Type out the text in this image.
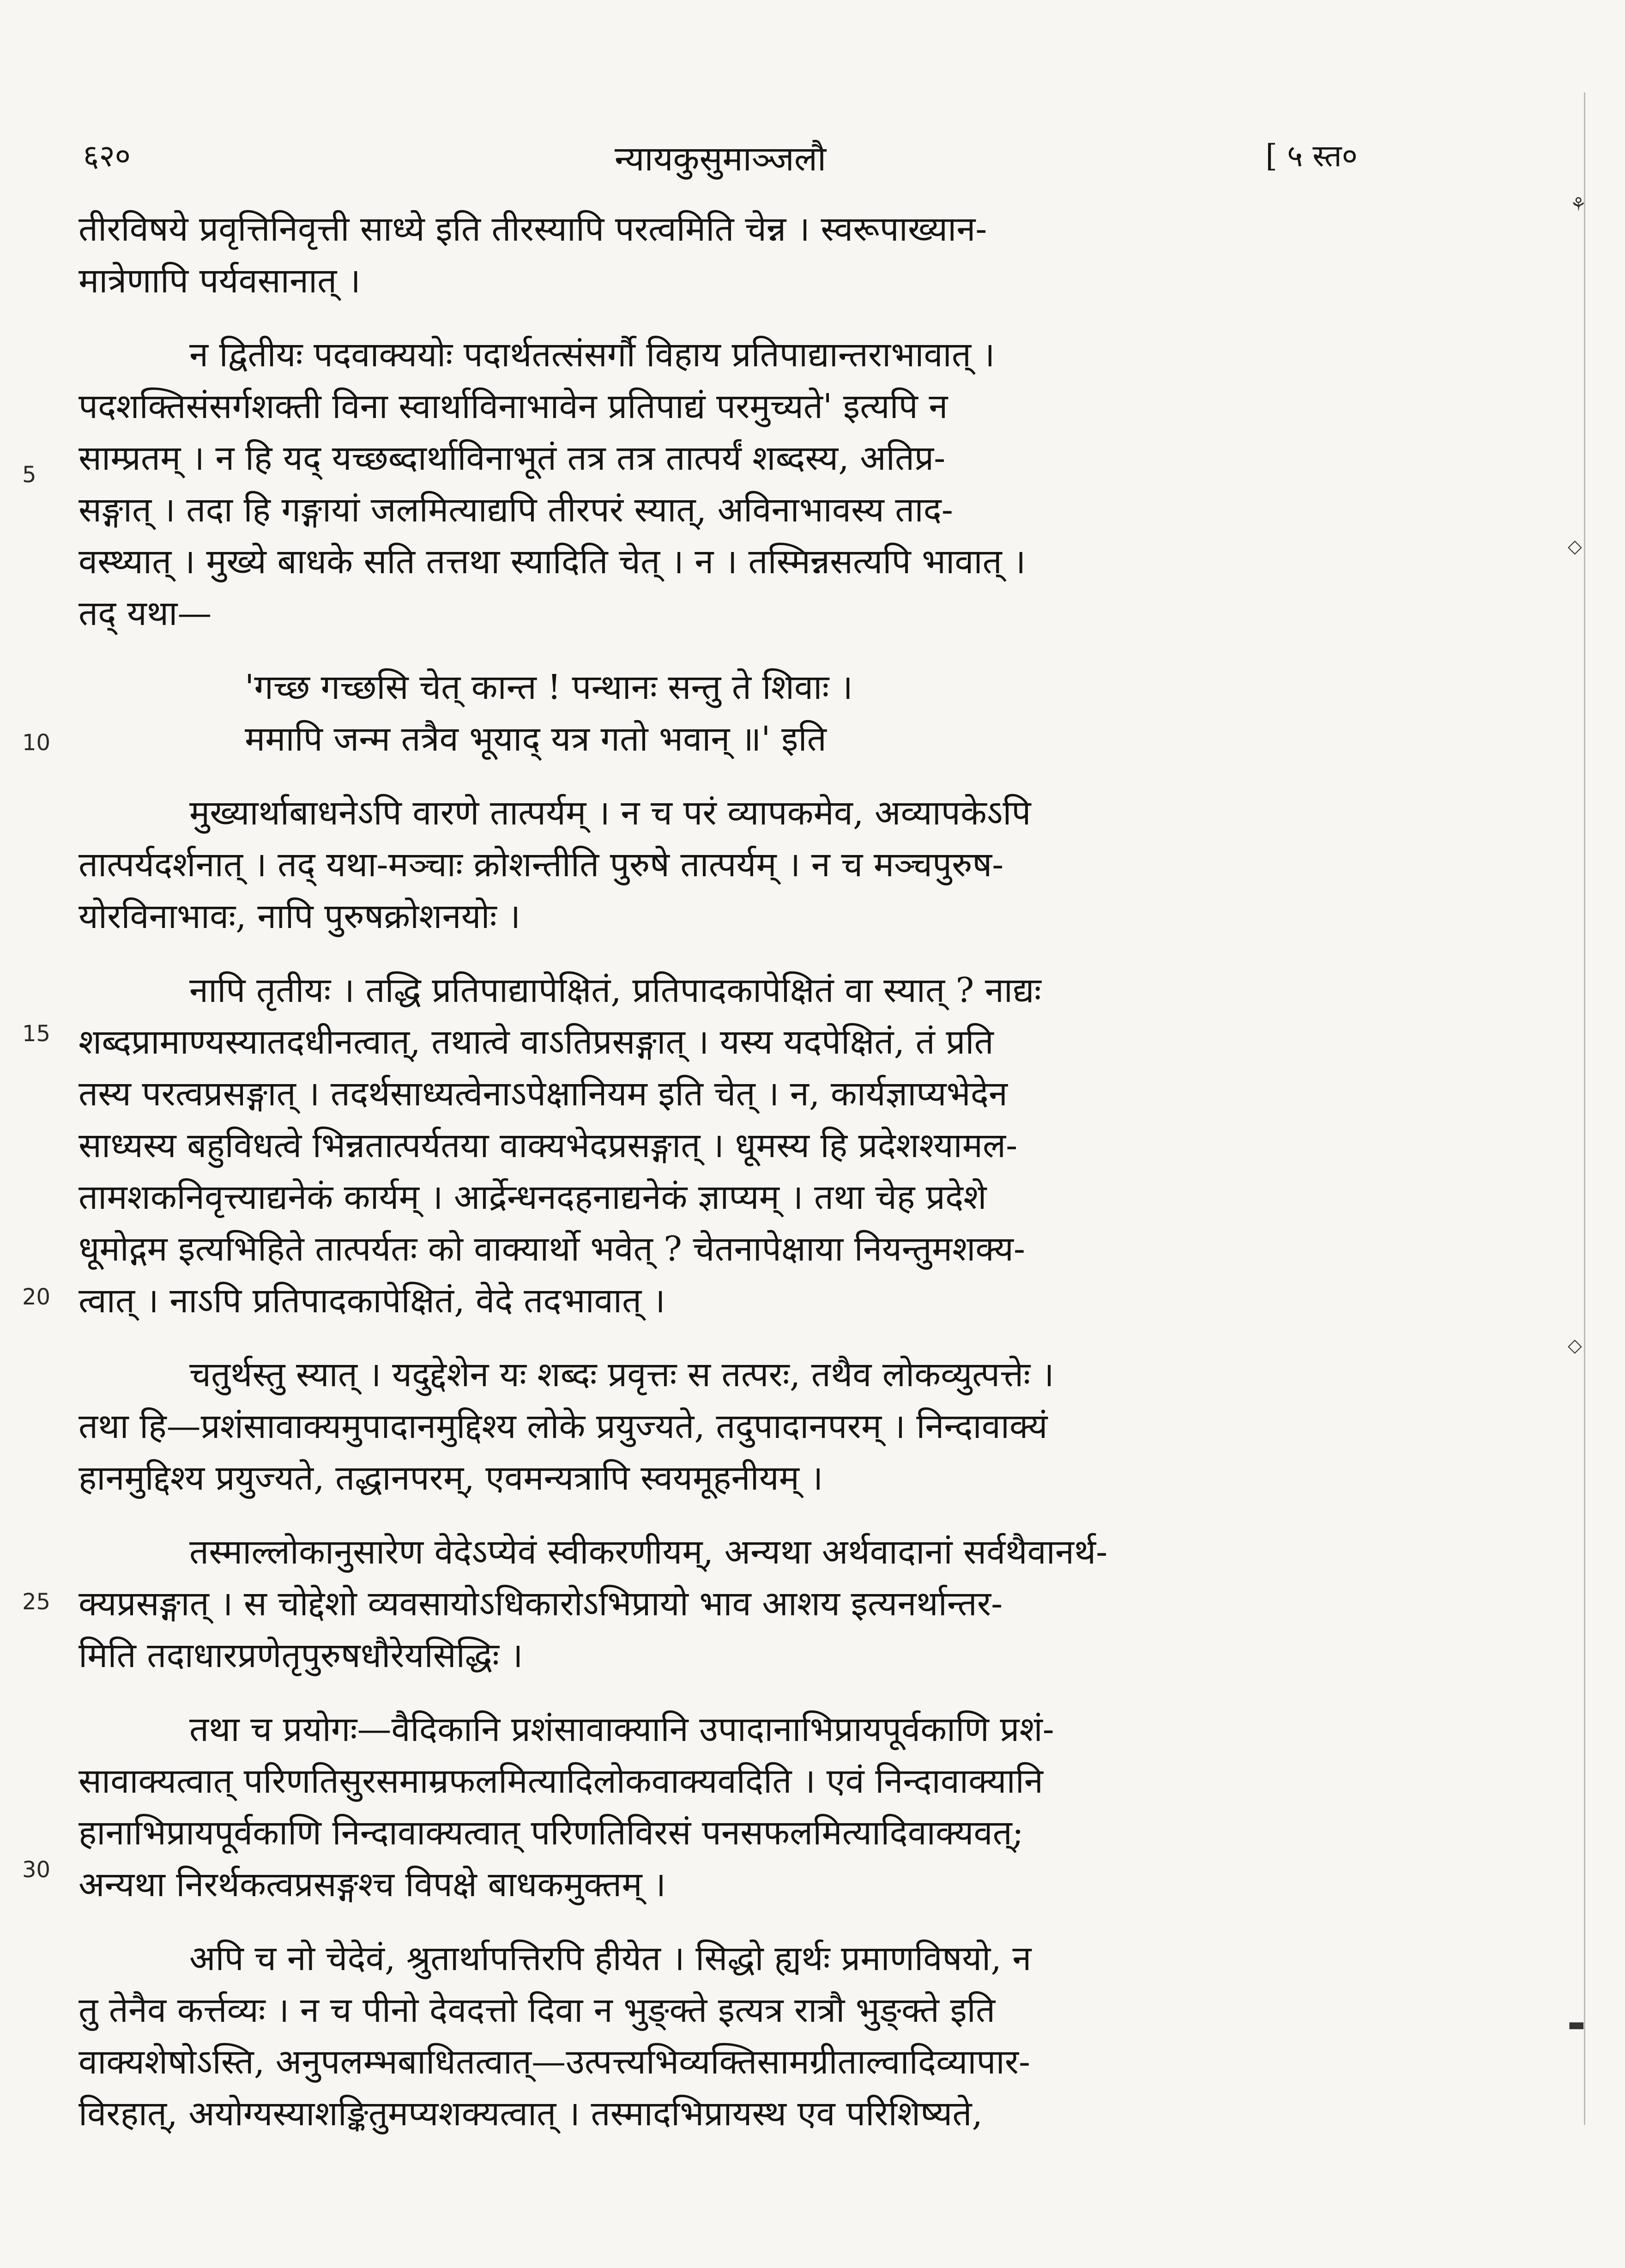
६२०	न्यायकुसुमाञ्जलौ	[ ५ स्त०
5
10
15
20
25
30
⚘
◇
◇
▬
तीरविषये प्रवृत्तिनिवृत्ती साध्ये इति तीरस्यापि परत्वमिति चेन्न । स्वरूपाख्यान-
मात्रेणापि पर्यवसानात् ।
न द्वितीयः पदवाक्ययोः पदार्थतत्संसर्गौ विहाय प्रतिपाद्यान्तराभावात् ।
पदशक्तिसंसर्गशक्ती विना स्वार्थाविनाभावेन प्रतिपाद्यं परमुच्यते' इत्यपि न
साम्प्रतम् । न हि यद् यच्छब्दार्थाविनाभूतं तत्र तत्र तात्पर्यं शब्दस्य, अतिप्र-
सङ्गात् । तदा हि गङ्गायां जलमित्याद्यपि तीरपरं स्यात्, अविनाभावस्य ताद-
वस्थ्यात् । मुख्ये बाधके सति तत्तथा स्यादिति चेत् । न । तस्मिन्नसत्यपि भावात् ।
तद् यथा—
'गच्छ गच्छसि चेत् कान्त ! पन्थानः सन्तु ते शिवाः ।
ममापि जन्म तत्रैव भूयाद् यत्र गतो भवान् ॥' इति
मुख्यार्थाबाधनेऽपि वारणे तात्पर्यम् । न च परं व्यापकमेव, अव्यापकेऽपि
तात्पर्यदर्शनात् । तद् यथा-मञ्चाः क्रोशन्तीति पुरुषे तात्पर्यम् । न च मञ्चपुरुष-
योरविनाभावः, नापि पुरुषक्रोशनयोः ।
नापि तृतीयः । तद्धि प्रतिपाद्यापेक्षितं, प्रतिपादकापेक्षितं वा स्यात् ? नाद्यः
शब्दप्रामाण्यस्यातदधीनत्वात्, तथात्वे वाऽतिप्रसङ्गात् । यस्य यदपेक्षितं, तं प्रति
तस्य परत्वप्रसङ्गात् । तदर्थसाध्यत्वेनाऽपेक्षानियम इति चेत् । न, कार्यज्ञाप्यभेदेन
साध्यस्य बहुविधत्वे भिन्नतात्पर्यतया वाक्यभेदप्रसङ्गात् । धूमस्य हि प्रदेशश्यामल-
तामशकनिवृत्त्याद्यनेकं कार्यम् । आर्द्रेन्धनदहनाद्यनेकं ज्ञाप्यम् । तथा चेह प्रदेशे
धूमोद्गम इत्यभिहिते तात्पर्यतः को वाक्यार्थो भवेत् ? चेतनापेक्षाया नियन्तुमशक्य-
त्वात् । नाऽपि प्रतिपादकापेक्षितं, वेदे तदभावात् ।
चतुर्थस्तु स्यात् । यदुद्देशेन यः शब्दः प्रवृत्तः स तत्परः, तथैव लोकव्युत्पत्तेः ।
तथा हि—प्रशंसावाक्यमुपादानमुद्दिश्य लोके प्रयुज्यते, तदुपादानपरम् । निन्दावाक्यं
हानमुद्दिश्य प्रयुज्यते, तद्धानपरम्, एवमन्यत्रापि स्वयमूहनीयम् ।
तस्माल्लोकानुसारेण वेदेऽप्येवं स्वीकरणीयम्, अन्यथा अर्थवादानां सर्वथैवानर्थ-
क्यप्रसङ्गात् । स चोद्देशो व्यवसायोऽधिकारोऽभिप्रायो भाव आशय इत्यनर्थान्तर-
मिति तदाधारप्रणेतृपुरुषधौरेयसिद्धिः ।
तथा च प्रयोगः—वैदिकानि प्रशंसावाक्यानि उपादानाभिप्रायपूर्वकाणि प्रशं-
सावाक्यत्वात् परिणतिसुरसमाम्रफलमित्यादिलोकवाक्यवदिति । एवं निन्दावाक्यानि
हानाभिप्रायपूर्वकाणि निन्दावाक्यत्वात् परिणतिविरसं पनसफलमित्यादिवाक्यवत्;
अन्यथा निरर्थकत्वप्रसङ्गश्च विपक्षे बाधकमुक्तम् ।
अपि च नो चेदेवं, श्रुतार्थापत्तिरपि हीयेत । सिद्धो ह्यर्थः प्रमाणविषयो, न
तु तेनैव कर्त्तव्यः । न च पीनो देवदत्तो दिवा न भुङ्क्ते इत्यत्र रात्रौ भुङ्क्ते इति
वाक्यशेषोऽस्ति, अनुपलम्भबाधितत्वात्—उत्पत्त्यभिव्यक्तिसामग्रीताल्वादिव्यापार-
विरहात्, अयोग्यस्याशङ्कितुमप्यशक्यत्वात् । तस्मादभिप्रायस्थ एव परिशिष्यते,
